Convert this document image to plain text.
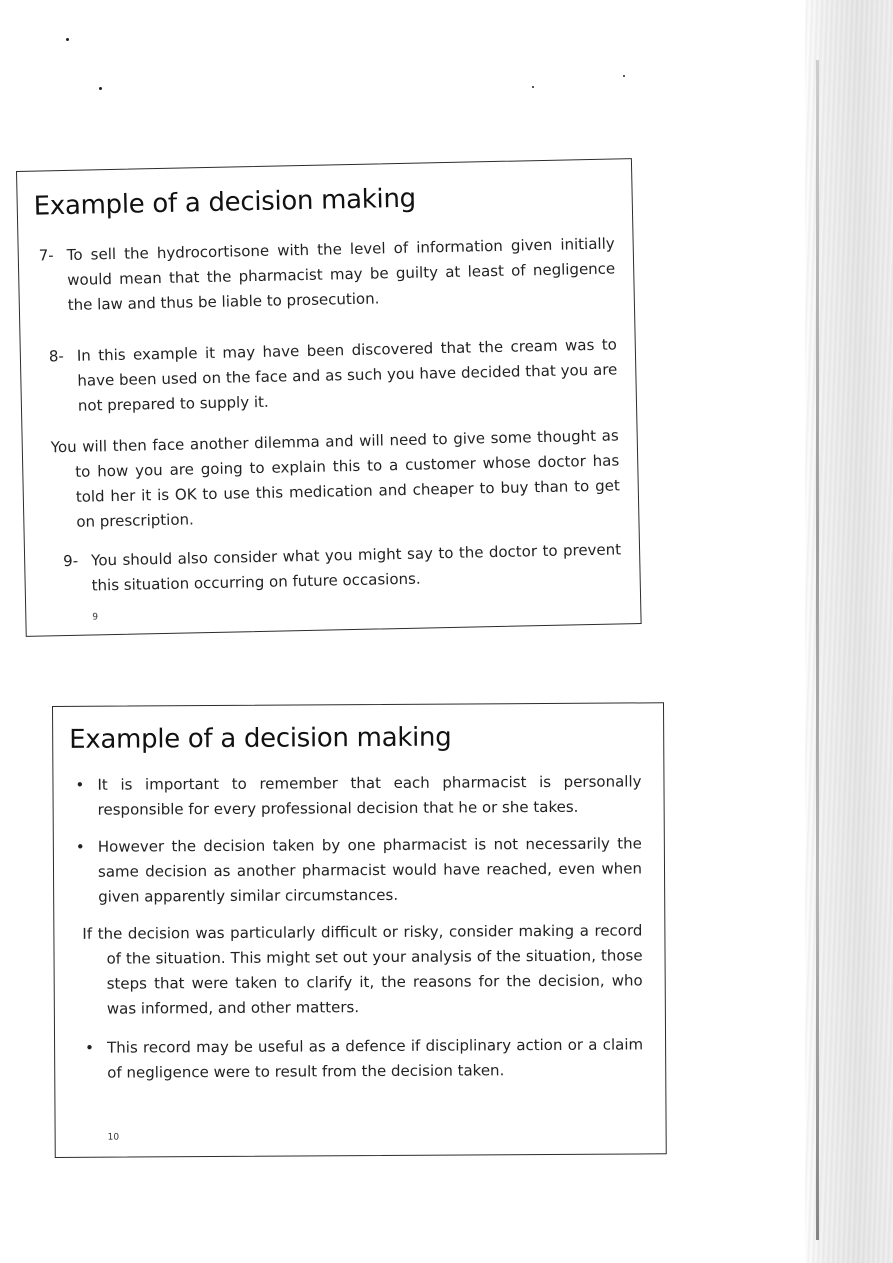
Example of a decision making
7- To sell the hydrocortisone with the level of information given initially would mean that the pharmacist may be guilty at least of negligence the law and thus be liable to prosecution.
8- In this example it may have been discovered that the cream was to have been used on the face and as such you have decided that you are not prepared to supply it.
You will then face another dilemma and will need to give some thought as to how you are going to explain this to a customer whose doctor has told her it is OK to use this medication and cheaper to buy than to get on prescription.
9- You should also consider what you might say to the doctor to prevent this situation occurring on future occasions.
9
Example of a decision making
• It is important to remember that each pharmacist is personally responsible for every professional decision that he or she takes.
• However the decision taken by one pharmacist is not necessarily the same decision as another pharmacist would have reached, even when given apparently similar circumstances.
If the decision was particularly difficult or risky, consider making a record of the situation. This might set out your analysis of the situation, those steps that were taken to clarify it, the reasons for the decision, who was informed, and other matters.
• This record may be useful as a defence if disciplinary action or a claim of negligence were to result from the decision taken.
10
